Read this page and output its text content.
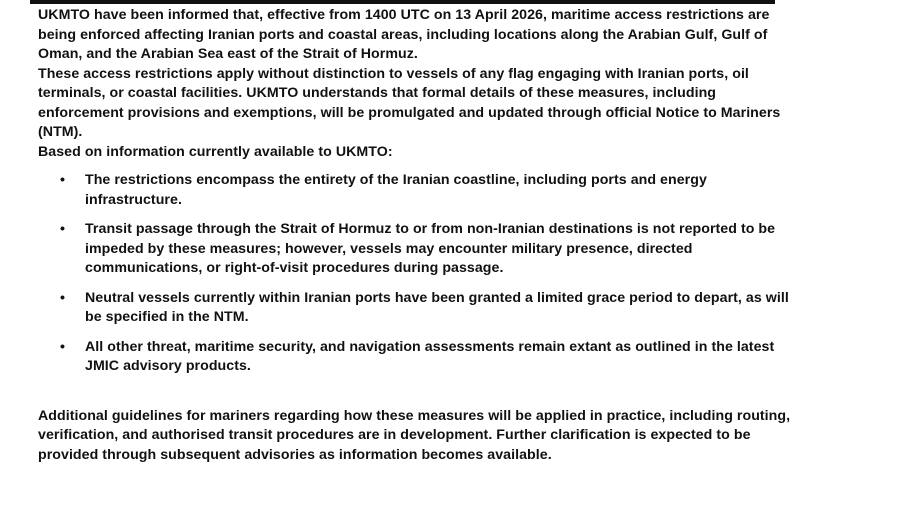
UKMTO have been informed that, effective from 1400 UTC on 13 April 2026, maritime access restrictions are being enforced affecting Iranian ports and coastal areas, including locations along the Arabian Gulf, Gulf of Oman, and the Arabian Sea east of the Strait of Hormuz.

These access restrictions apply without distinction to vessels of any flag engaging with Iranian ports, oil terminals, or coastal facilities. UKMTO understands that formal details of these measures, including enforcement provisions and exemptions, will be promulgated and updated through official Notice to Mariners (NTM).

Based on information currently available to UKMTO:

• The restrictions encompass the entirety of the Iranian coastline, including ports and energy infrastructure.
• Transit passage through the Strait of Hormuz to or from non-Iranian destinations is not reported to be impeded by these measures; however, vessels may encounter military presence, directed communications, or right-of-visit procedures during passage.
• Neutral vessels currently within Iranian ports have been granted a limited grace period to depart, as will be specified in the NTM.
• All other threat, maritime security, and navigation assessments remain extant as outlined in the latest JMIC advisory products.

Additional guidelines for mariners regarding how these measures will be applied in practice, including routing, verification, and authorised transit procedures are in development. Further clarification is expected to be provided through subsequent advisories as information becomes available.
